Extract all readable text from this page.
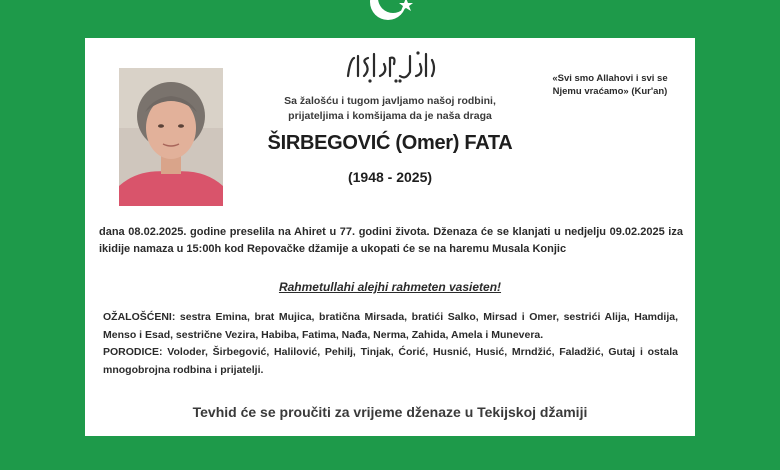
«Svi smo Allahovi i svi se Njemu vraćamo» (Kur'an)
Sa žalošću i tugom javljamo našoj rodbini, prijateljima i komšijama da je naša draga
ŠIRBEGOVIĆ (Omer) FATA
(1948 - 2025)
dana 08.02.2025. godine preselila na Ahiret u 77. godini života. Dženaza će se klanjati u nedjelju 09.02.2025 iza ikidije namaza u 15:00h kod Repovačke džamije a ukopati će se na haremu Musala Konjic
Rahmetullahi alejhi rahmeten vasieten!
OŽALOŠĆENI: sestra Emina, brat Mujica, bratična Mirsada, bratići Salko, Mirsad i Omer, sestrići Alija, Hamdija, Menso i Esad, sestrične Vezira, Habiba, Fatima, Nađa, Nerma, Zahida, Amela i Munevera.
PORODICE: Voloder, Širbegović, Halilović, Pehilj, Tinjak, Ćorić, Husnić, Husić, Mrndžić, Faladžić, Gutaj i ostala mnogobrojna rodbina i prijatelji.
Tevhid će se proučiti za vrijeme dženaze u Tekijskoj džamiji
